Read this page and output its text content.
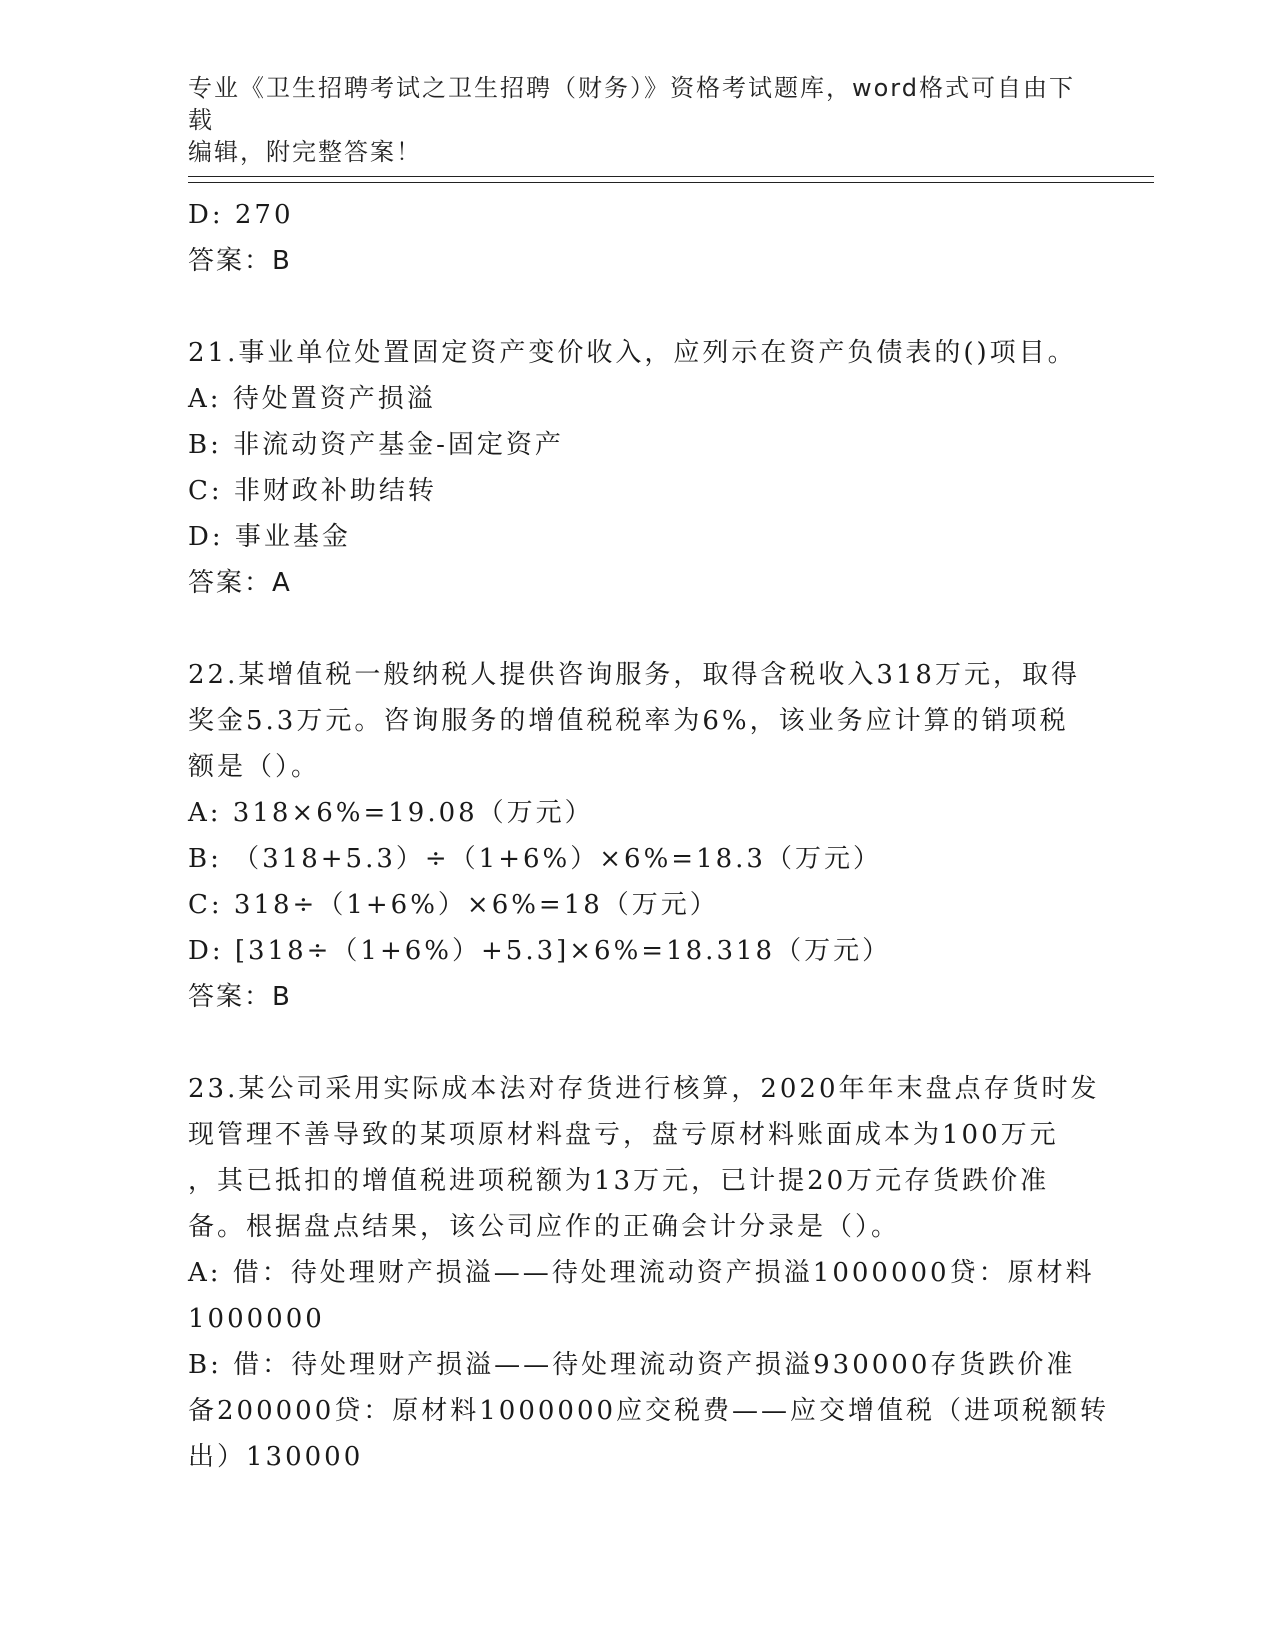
专业《卫生招聘考试之卫生招聘（财务）》资格考试题库，word格式可自由下载
编辑，附完整答案！
D: 270
答案：B
21.事业单位处置固定资产变价收入，应列示在资产负债表的()项目。
A: 待处置资产损溢
B: 非流动资产基金-固定资产
C: 非财政补助结转
D: 事业基金
答案：A
22.某增值税一般纳税人提供咨询服务，取得含税收入318万元，取得
奖金5.3万元。咨询服务的增值税税率为6%，该业务应计算的销项税
额是（）。
A: 318×6%=19.08（万元）
B: （318+5.3）÷（1+6%）×6%=18.3（万元）
C: 318÷（1+6%）×6%=18（万元）
D: [318÷（1+6%）+5.3]×6%=18.318（万元）
答案：B
23.某公司采用实际成本法对存货进行核算，2020年年末盘点存货时发
现管理不善导致的某项原材料盘亏，盘亏原材料账面成本为100万元
，其已抵扣的增值税进项税额为13万元，已计提20万元存货跌价准
备。根据盘点结果，该公司应作的正确会计分录是（）。
A: 借：待处理财产损溢——待处理流动资产损溢1000000贷：原材料
1000000
B: 借：待处理财产损溢——待处理流动资产损溢930000存货跌价准
备200000贷：原材料1000000应交税费——应交增值税（进项税额转
出）130000
